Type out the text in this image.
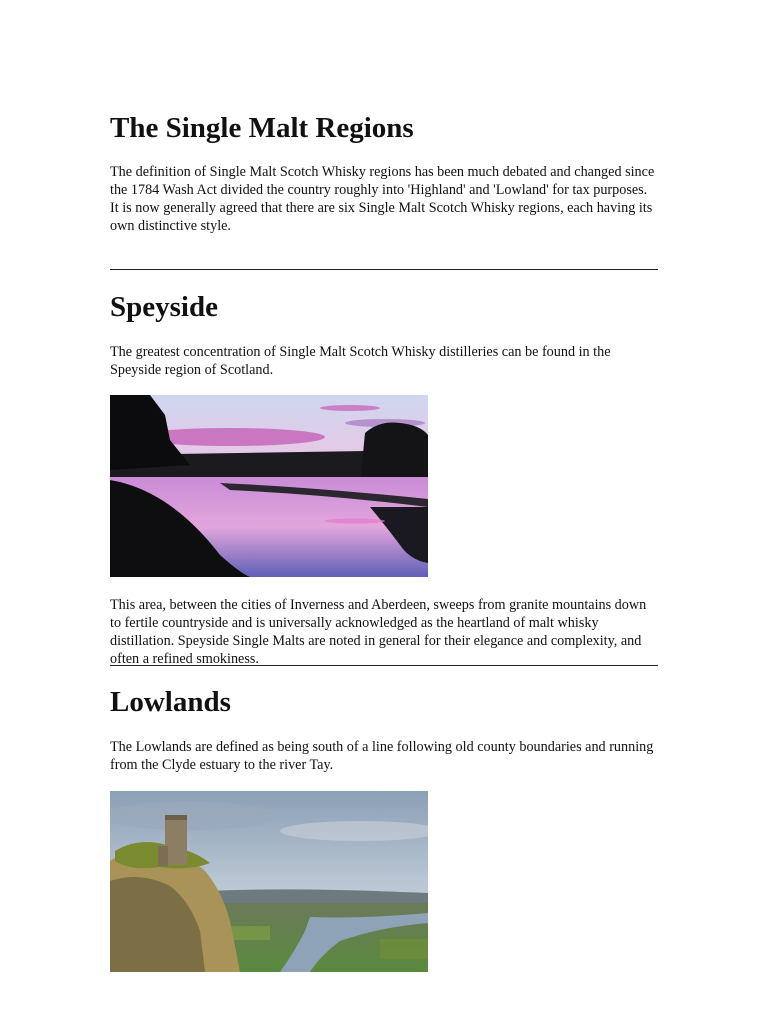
The Single Malt Regions

The definition of Single Malt Scotch Whisky regions has been much debated and changed since the 1784 Wash Act divided the country roughly into 'Highland' and 'Lowland' for tax purposes. It is now generally agreed that there are six Single Malt Scotch Whisky regions, each having its own distinctive style.

Speyside

The greatest concentration of Single Malt Scotch Whisky distilleries can be found in the Speyside region of Scotland.

This area, between the cities of Inverness and Aberdeen, sweeps from granite mountains down to fertile countryside and is universally acknowledged as the heartland of malt whisky distillation. Speyside Single Malts are noted in general for their elegance and complexity, and often a refined smokiness.

Lowlands

The Lowlands are defined as being south of a line following old county boundaries and running from the Clyde estuary to the river Tay.
